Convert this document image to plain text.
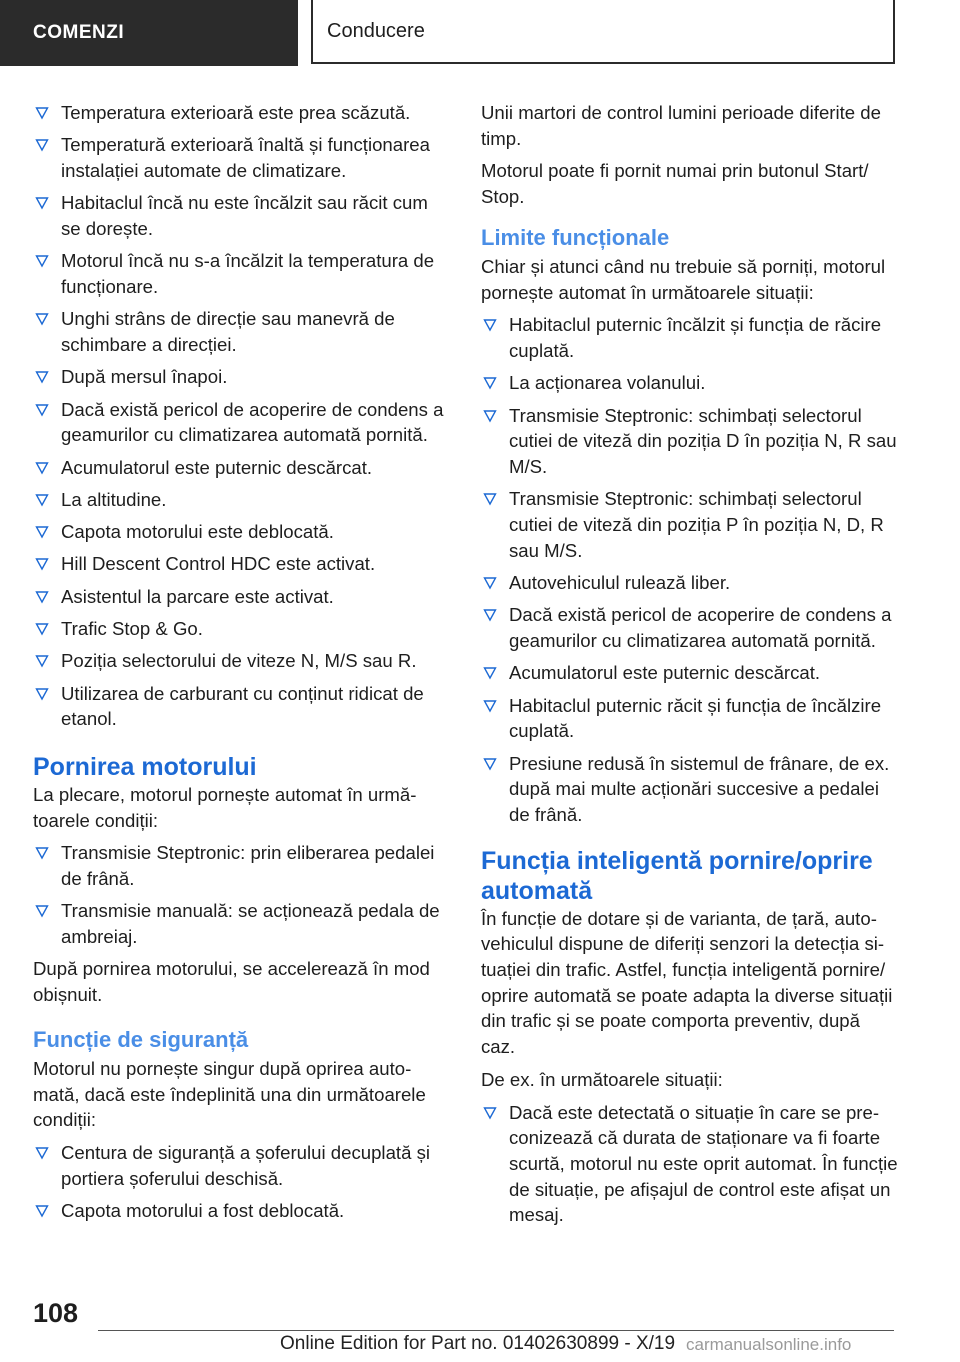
COMENZI	Conducere
Temperatura exterioară este prea scăzută.
Temperatură exterioară înaltă și funcționarea instalației automate de climatizare.
Habitaclul încă nu este încălzit sau răcit cum se dorește.
Motorul încă nu s-a încălzit la temperatura de funcționare.
Unghi strâns de direcție sau manevră de schimbare a direcției.
După mersul înapoi.
Dacă există pericol de acoperire de condens a geamurilor cu climatizarea automată pornită.
Acumulatorul este puternic descărcat.
La altitudine.
Capota motorului este deblocată.
Hill Descent Control HDC este activat.
Asistentul la parcare este activat.
Trafic Stop & Go.
Poziția selectorului de viteze N, M/S sau R.
Utilizarea de carburant cu conținut ridicat de etanol.
Pornirea motorului

La plecare, motorul pornește automat în următoarele condiții:

Transmisie Steptronic: prin eliberarea pedalei de frână.
Transmisie manuală: se acționează pedala de ambreiaj.

După pornirea motorului, se accelerează în mod obișnuit.

Funcție de siguranță

Motorul nu pornește singur după oprirea automată, dacă este îndeplinită una din următoarele condiții:

Centura de siguranță a șoferului decuplată și portiera șoferului deschisă.
Capota motorului a fost deblocată.

Unii martori de control lumini perioade diferite de timp.

Motorul poate fi pornit numai prin butonul Start/ Stop.

Limite funcționale

Chiar și atunci când nu trebuie să porniți, motorul pornește automat în următoarele situații:

Habitaclul puternic încălzit și funcția de răcire cuplată.
La acționarea volanului.
Transmisie Steptronic: schimbați selectorul cutiei de viteză din poziția D în poziția N, R sau M/S.
Transmisie Steptronic: schimbați selectorul cutiei de viteză din poziția P în poziția N, D, R sau M/S.
Autovehiculul rulează liber.
Dacă există pericol de acoperire de condens a geamurilor cu climatizarea automată pornită.
Acumulatorul este puternic descărcat.
Habitaclul puternic răcit și funcția de încălzire cuplată.
Presiune redusă în sistemul de frânare, de ex. după mai multe acționări succesive a pedalei de frână.
Funcția inteligentă pornire/oprire automată

În funcție de dotare și de varianta, de țară, autovehiculul dispune de diferiți senzori la detecția situației din trafic. Astfel, funcția inteligentă pornire/ oprire automată se poate adapta la diverse situații din trafic și se poate comporta preventiv, după caz.

De ex. în următoarele situații:

Dacă este detectată o situație în care se preconizează că durata de staționare va fi foarte scurtă, motorul nu este oprit automat. În funcție de situație, pe afișajul de control este afișat un mesaj.
108
Online Edition for Part no. 01402630899 - X/19 carmanualsonline.info
